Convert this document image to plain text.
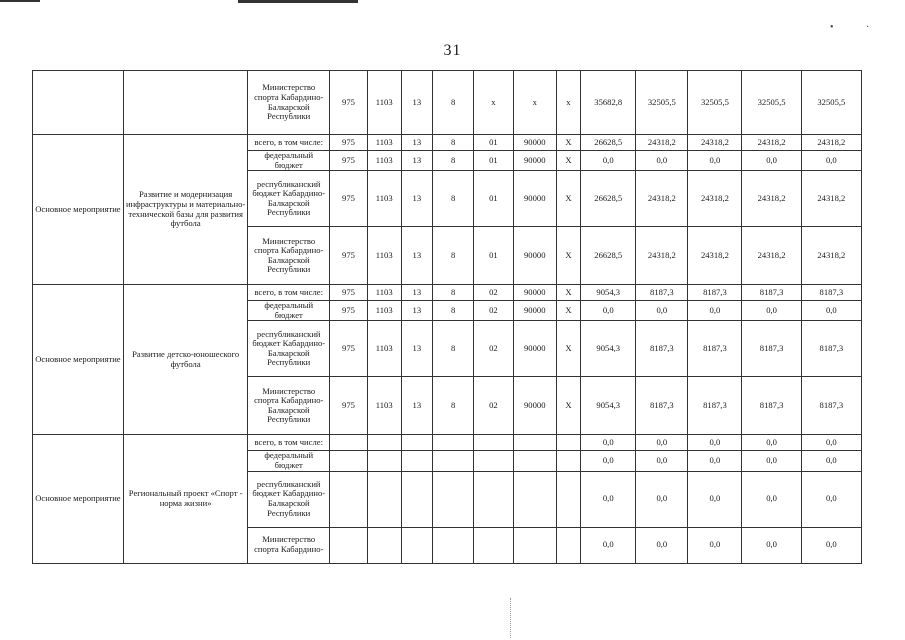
•	·
31
		Министерство спорта Кабардино-Балкарской Республики	975	1103	13	8	х	х	х	35682,8	32505,5	32505,5	32505,5	32505,5
Основное мероприятие	Развитие и модернизация инфраструктуры и материально-технической базы для развития футбола	всего, в том числе:	975	1103	13	8	01	90000	X	26628,5	24318,2	24318,2	24318,2	24318,2
		федеральный бюджет	975	1103	13	8	01	90000	X	0,0	0,0	0,0	0,0	0,0
		республиканский бюджет Кабардино-Балкарской Республики	975	1103	13	8	01	90000	X	26628,5	24318,2	24318,2	24318,2	24318,2
		Министерство спорта Кабардино-Балкарской Республики	975	1103	13	8	01	90000	X	26628,5	24318,2	24318,2	24318,2	24318,2
Основное мероприятие	Развитие детско-юношеского футбола	всего, в том числе:	975	1103	13	8	02	90000	X	9054,3	8187,3	8187,3	8187,3	8187,3
		федеральный бюджет	975	1103	13	8	02	90000	X	0,0	0,0	0,0	0,0	0,0
		республиканский бюджет Кабардино-Балкарской Республики	975	1103	13	8	02	90000	X	9054,3	8187,3	8187,3	8187,3	8187,3
		Министерство спорта Кабардино-Балкарской Республики	975	1103	13	8	02	90000	X	9054,3	8187,3	8187,3	8187,3	8187,3
Основное мероприятие	Региональный проект «Спорт - норма жизни»	всего, в том числе:								0,0	0,0	0,0	0,0	0,0
		федеральный бюджет								0,0	0,0	0,0	0,0	0,0
		республиканский бюджет Кабардино-Балкарской Республики								0,0	0,0	0,0	0,0	0,0
		Министерство спорта Кабардино-								0,0	0,0	0,0	0,0	0,0
